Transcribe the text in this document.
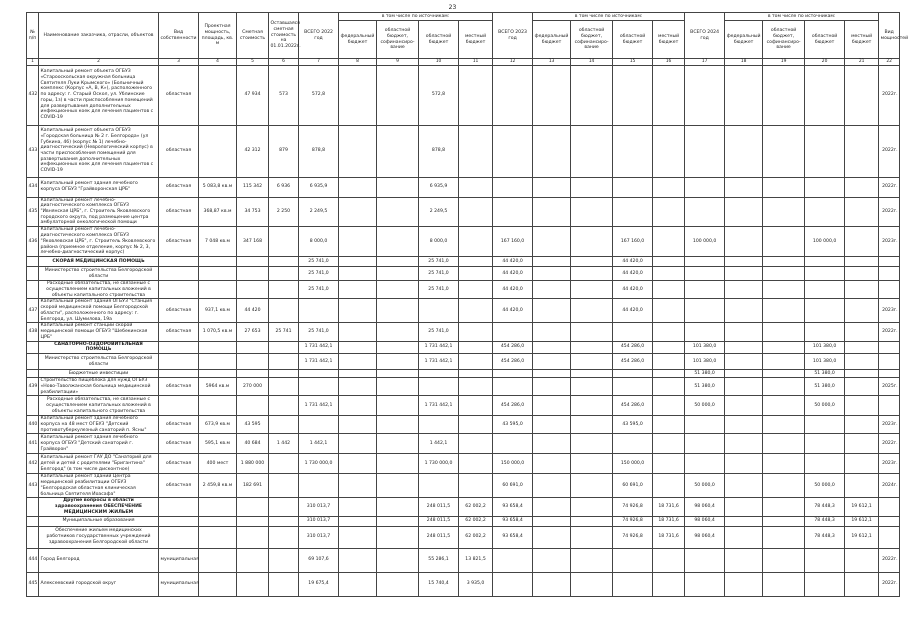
23
№ п/п	Наименование заказчика, отрасли, объектов	Вид собственности	Проектная мощность, площадь, кв. м	Сметная стоимость	Оставшаяся сметная стоимость на 01.01.2022г.	ВСЕГО 2022 год	в том числе по источникам:				ВСЕГО 2023 год	в том числе по источникам:				ВСЕГО 2024 год	в том числе по источникам:				Вид мощностей
							федеральный бюджет	областной бюджет, софинансиро-вание	областной бюджет	местный бюджет		федеральный бюджет	областной бюджет, софинансиро-вание	областной бюджет	местный бюджет		федеральный бюджет	областной бюджет, софинансиро-вание	областной бюджет	местный бюджет	
1	2	3	4	5	6	7	8	9	10	11	12	13	14	15	16	17	18	19	20	21	22
432	Капитальный ремонт объекта ОГБУЗ «Старооскольская окружная больница Святителя Луки Крымского» (Больничный комплекс (Корпус «А, В, К»), расположенного по адресу: г. Старый Оскол, ул. Ублинские горы, 1з) в части приспособления помещений для развертывания дополнительных инфекционных коек для лечения пациентов с COVID-19	областная		47 934	573	572,8			572,8												2022г.
433	Капитальный ремонт объекта ОГБУЗ «Городская больница № 2 г. Белгорода» (ул Губкина, 46) (корпус № 1) лечебно-диагностический (Неврологический корпус) в части приспособления помещений для развертывания дополнительных инфекционных коек для лечения пациентов с COVID-19	областная		42 312	879	878,8			878,8												2022г.
434	Капитальный ремонт здания лечебного корпуса ОГБУЗ "Грайворонская ЦРБ"	областная	5 083,8 кв.м	115 342	6 936	6 935,9			6 935,9												2022г.
435	Капитальный ремонт лечебно-диагностического комплекса ОГБУЗ "Ивнянская ЦРБ", г. Строитель Яковлевского городского округа, под размещение центра амбулаторной онкологической помощи	областная	368,87 кв.м	34 753	2 250	2 249,5			2 249,5												2022г.
436	Капитальный ремонт лечебно-диагностического комплекса ОГБУЗ "Яковлевская ЦРБ", г. Строитель Яковлевского района (приемное отделение, корпус № 2, 3, лечебно-диагностический корпус)	областная	7 048 кв.м	347 168		8 000,0			8 000,0		167 160,0			167 160,0		100 000,0			100 000,0		2023г.
	СКОРАЯ МЕДИЦИНСКАЯ ПОМОЩЬ					25 741,0			25 741,0		44 420,0			44 420,0							
	Министерство строительства Белгородской области					25 741,0			25 741,0		44 420,0			44 420,0							
	Расходные обязательства, не связанные с осуществлением капитальных вложений в объекты капитального строительства					25 741,0			25 741,0		44 420,0			44 420,0							
437	Капитальный ремонт здания ОГБУЗ "Станция скорой медицинской помощи Белгородской области", расположенного по адресу: г. Белгород, ул. Шумилова, 19а	областная	937,1 кв.м	44 420							44 420,0			44 420,0							2023г.
438	Капитальный ремонт станции скорой медицинской помощи ОГБУЗ "Шебекинская ЦРБ"	областная	1 070,5 кв.м	27 653	25 741	25 741,0			25 741,0												2022г.
	САНАТОРНО-ОЗДОРОВИТЕЛЬНАЯ ПОМОЩЬ					1 731 442,1			1 731 442,1		454 286,0			454 286,0		101 380,0			101 380,0		
	Министерство строительства Белгородской области					1 731 442,1			1 731 442,1		454 286,0			454 286,0		101 380,0			101 380,0		
	Бюджетные инвестиции															51 380,0			51 380,0		
439	Строительство пищеблока для нужд ОГБУЗ «Ново-Таволжанская больница медицинской реабилитации»	областная	5964 кв.м	270 000												51 380,0			51 380,0		2025г.
	Расходные обязательства, не связанные с осуществлением капитальных вложений в объекты капитального строительства					1 731 442,1			1 731 442,1		454 286,0			454 286,0		50 000,0			50 000,0		
440	Капитальный ремонт здания лечебного корпуса на 48 мест ОГБУЗ "Детский противотуберкулезный санаторий п. Ясны"	областная	673,9 кв.м	43 595							43 595,0			43 595,0							2023г.
441	Капитальный ремонт здания лечебного корпуса ОГБУЗ "Детский санаторий г. Грайворон"	областная	595,1 кв.м	40 684	1 442	1 442,1			1 442,1												2022г.
442	Капитальный ремонт ГАУ ДО "Санаторий для детей и детей с родителями "Бригантина" Белгород" (в том числе дисконтное)	областная	400 мест	1 880 000		1 730 000,0			1 730 000,0		150 000,0			150 000,0							2023г.
443	Капитальный ремонт зданий Центра медицинской реабилитации ОГБУЗ "Белгородская областная клиническая больница Святителя Иоасафа"	областная	2 459,8 кв.м	182 691							60 691,0			60 691,0		50 000,0			50 000,0		2024г.
	Другие вопросы в области здравоохранения ОБЕСПЕЧЕНИЕ МЕДИЦИНСКИМ ЖИЛЬЕМ					310 013,7			248 011,5	62 002,2	93 658,4			74 926,8	18 731,6	98 060,4			78 448,3	19 612,1	
	Муниципальные образования					310 013,7			248 011,5	62 002,2	93 658,4			74 926,8	18 731,6	98 060,4			78 448,3	19 612,1	
	Обеспечение жильем медицинских работников государственных учреждений здравоохранения Белгородской области					310 013,7			248 011,5	62 002,2	93 658,4			74 926,8	18 731,6	98 060,4			78 448,3	19 612,1	
444	Город Белгород	муниципальная				69 107,6			55 286,1	13 821,5											2022г.
445	Алексеевский городской округ	муниципальная				19 675,4			15 740,4	3 935,0											2022г.
